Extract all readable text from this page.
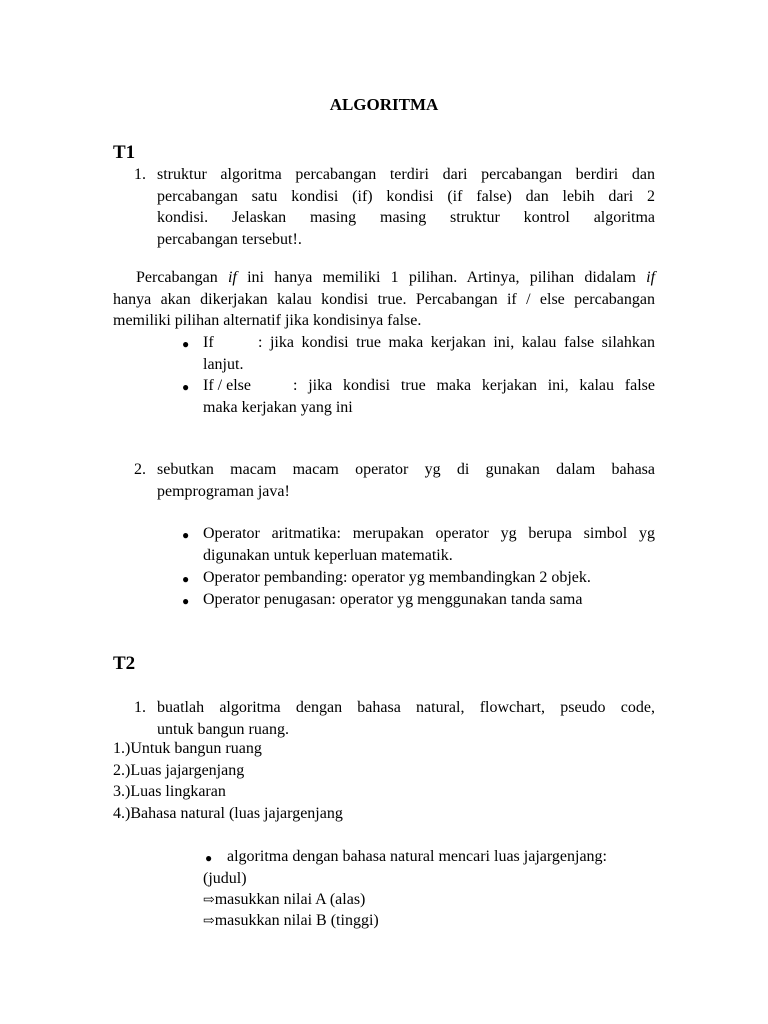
ALGORITMA
T1
1. struktur algoritma percabangan terdiri dari percabangan berdiri dan
percabangan satu kondisi (if) kondisi (if false) dan lebih dari 2
kondisi. Jelaskan masing masing struktur kontrol algoritma
percabangan tersebut!.
Percabangan if ini hanya memiliki 1 pilihan. Artinya, pilihan didalam if
hanya akan dikerjakan kalau kondisi true. Percabangan if / else percabangan
memiliki pilihan alternatif jika kondisinya false.
● If	: jika kondisi true maka kerjakan ini, kalau false silahkan
lanjut.
● If / else	: jika kondisi true maka kerjakan ini, kalau false
maka kerjakan yang ini
2. sebutkan macam macam operator yg di gunakan dalam bahasa
pemprograman java!
● Operator aritmatika: merupakan operator yg berupa simbol yg
digunakan untuk keperluan matematik.
● Operator pembanding: operator yg membandingkan 2 objek.
● Operator penugasan: operator yg menggunakan tanda sama
T2
1. buatlah algoritma dengan bahasa natural, flowchart, pseudo code,
untuk bangun ruang.
1.)Untuk bangun ruang
2.)Luas jajargenjang
3.)Luas lingkaran
4.)Bahasa natural (luas jajargenjang
● algoritma dengan bahasa natural mencari luas jajargenjang:
(judul)
⇨masukkan nilai A (alas)
⇨masukkan nilai B (tinggi)
